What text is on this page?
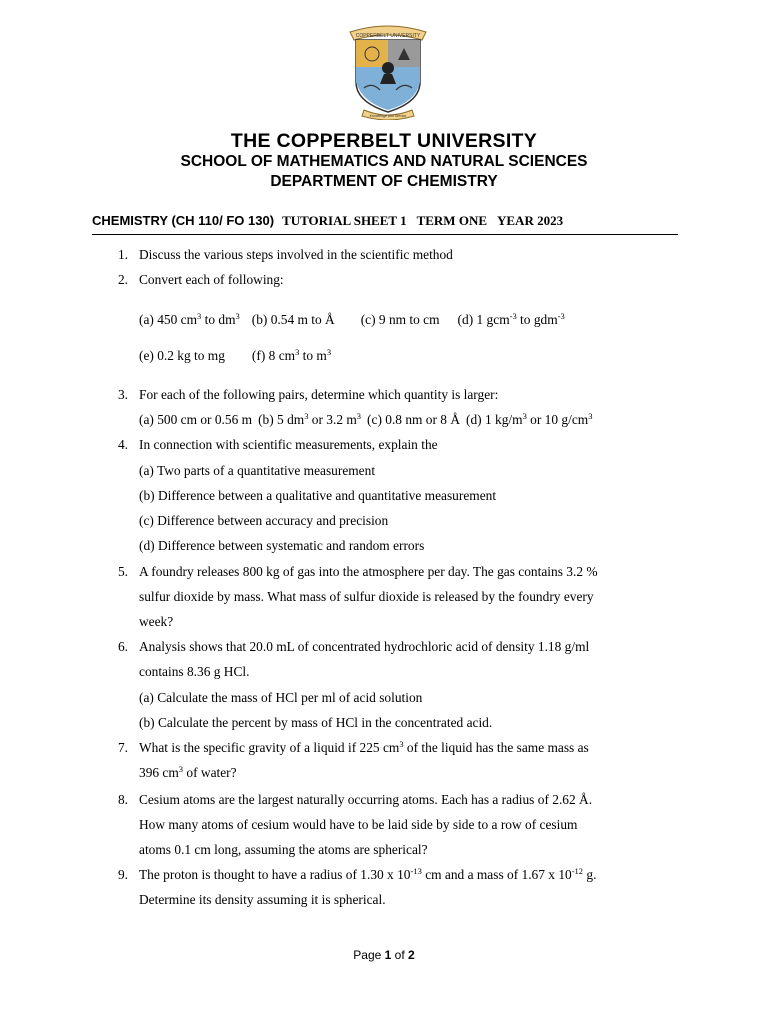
COPPERBELT UNIVERSITY
Knowledge and Service
THE COPPERBELT UNIVERSITY
SCHOOL OF MATHEMATICS AND NATURAL SCIENCES
DEPARTMENT OF CHEMISTRY
CHEMISTRY (CH 110/ FO 130) TUTORIAL SHEET 1 TERM ONE YEAR 2023
1. Discuss the various steps involved in the scientific method
2. Convert each of following:
(a) 450 $cm^3$ to $dm^3$ (b) 0.54 m to Å (c) 9 nm to cm (d) 1 gcm$^{-3}$ to gdm$^{-3}$
(e) 0.2 kg to mg (f) 8 $cm^3$ to $m^3$
3. For each of the following pairs, determine which quantity is larger:
(a) 500 cm or 0.56 m (b) 5 $dm^3$ or 3.2 $m^3$ (c) 0.8 nm or 8 Å (d) 1 $kg/m^3$ or 10 $g/cm^3$
4. In connection with scientific measurements, explain the
(a) Two parts of a quantitative measurement
(b) Difference between a qualitative and quantitative measurement
(c) Difference between accuracy and precision
(d) Difference between systematic and random errors
5. A foundry releases 800 kg of gas into the atmosphere per day. The gas contains 3.2 %
sulfur dioxide by mass. What mass of sulfur dioxide is released by the foundry every
week?
6. Analysis shows that 20.0 mL of concentrated hydrochloric acid of density 1.18 g/ml
contains 8.36 g HCl.
(a) Calculate the mass of HCl per ml of acid solution
(b) Calculate the percent by mass of HCl in the concentrated acid.
7. What is the specific gravity of a liquid if 225 $cm^3$ of the liquid has the same mass as
396 $cm^3$ of water?
8. Cesium atoms are the largest naturally occurring atoms. Each has a radius of 2.62 Å.
How many atoms of cesium would have to be laid side by side to a row of cesium
atoms 0.1 cm long, assuming the atoms are spherical?
9. The proton is thought to have a radius of 1.30 x $10^{-13}$ cm and a mass of 1.67 x $10^{-12}$ g.
Determine its density assuming it is spherical.
Page 1 of 2
